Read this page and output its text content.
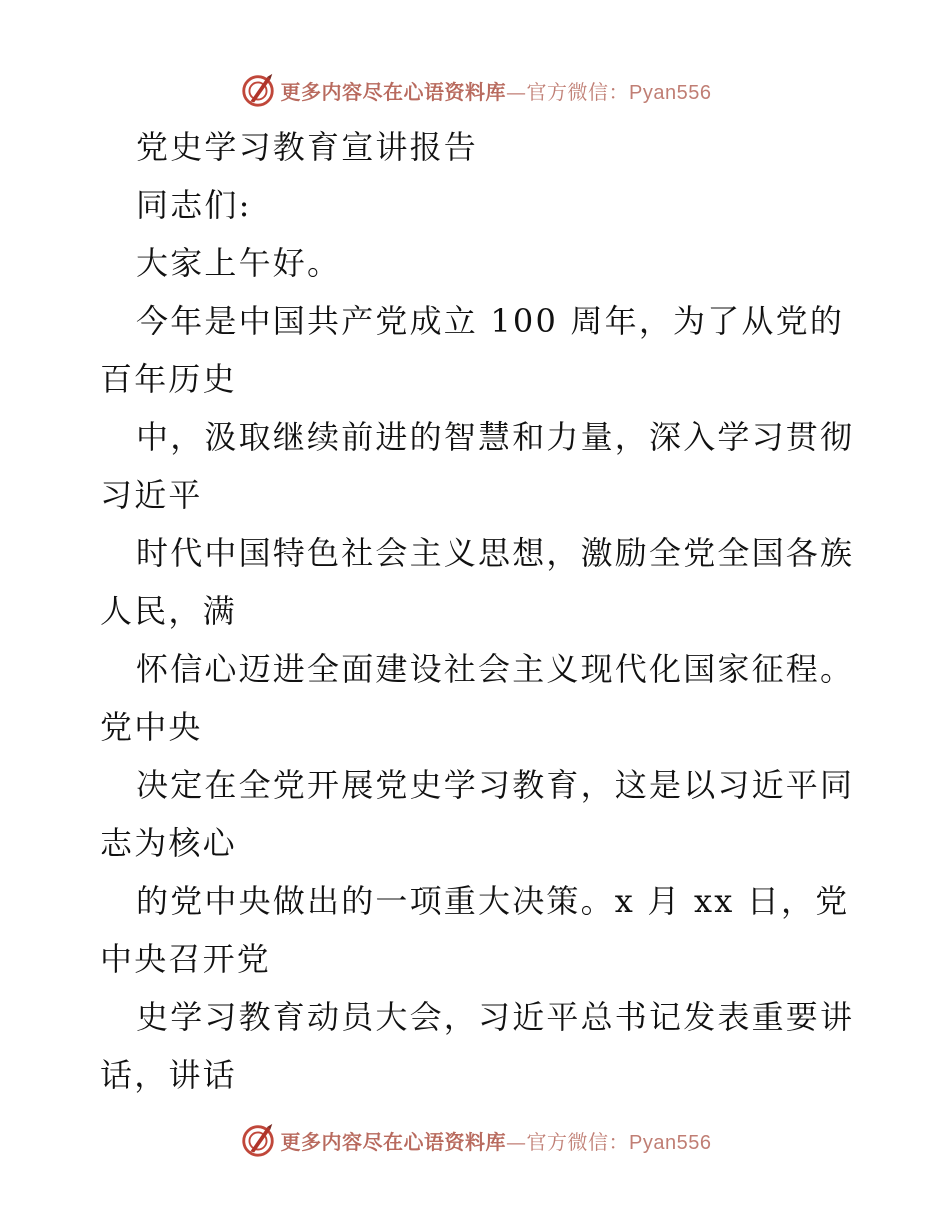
更多内容尽在心语资料库—官方微信：Pyan556
党史学习教育宣讲报告
同志们:
大家上午好。
今年是中国共产党成立 100 周年，为了从党的
百年历史
中，汲取继续前进的智慧和力量，深入学习贯彻
习近平
时代中国特色社会主义思想，激励全党全国各族
人民，满
怀信心迈进全面建设社会主义现代化国家征程。
党中央
决定在全党开展党史学习教育，这是以习近平同
志为核心
的党中央做出的一项重大决策。x 月 xx 日，党
中央召开党
史学习教育动员大会，习近平总书记发表重要讲
话，讲话
更多内容尽在心语资料库—官方微信：Pyan556
